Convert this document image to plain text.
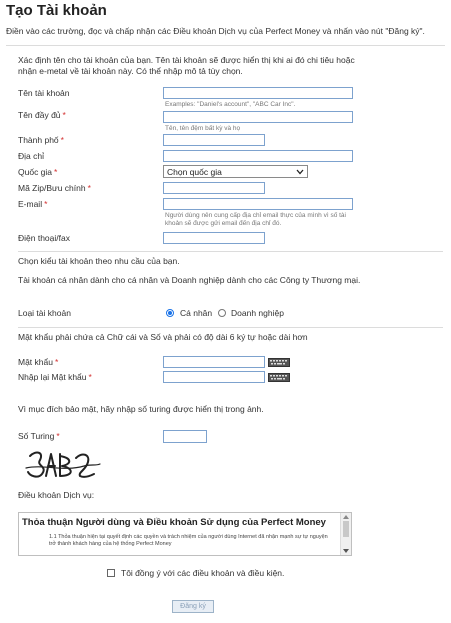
Tạo Tài khoản
Điền vào các trường, đọc và chấp nhận các Điều khoản Dịch vụ của Perfect Money và nhấn vào nút "Đăng ký".
Xác định tên cho tài khoản của bạn. Tên tài khoản sẽ được hiển thị khi ai đó chi tiêu hoặc nhận e-metal về tài khoản này. Có thể nhập mô tả tùy chọn.
Tên tài khoản
Examples: "Daniel's account", "ABC Car Inc".
Tên đầy đủ *
Tên, tên đệm bất kỳ và họ
Thành phố *
Địa chỉ
Quốc gia *	Chọn quốc gia
Mã Zip/Bưu chính *
E-mail *
Người dùng nên cung cấp địa chỉ email thực của mình vì số tài khoản sẽ được gửi email đến địa chỉ đó.
Điện thoại/fax
Chọn kiểu tài khoản theo nhu cầu của bạn.
Tài khoản cá nhân dành cho cá nhân và Doanh nghiệp dành cho các Công ty Thương mại.
Loại tài khoản	Cá nhân Doanh nghiệp
Mật khẩu phải chứa cả Chữ cái và Số và phải có độ dài 6 ký tự hoặc dài hơn
Mật khẩu *
Nhập lại Mật khẩu *
Vì mục đích bảo mật, hãy nhập số turing được hiển thị trong ảnh.
Số Turing *
Điều khoản Dịch vụ:
Thỏa thuận Người dùng và Điều khoản Sử dụng của Perfect Money
1.1 Thỏa thuận hiện tại quyết định các quyền và trách nhiệm của người dùng Internet đã nhận mạnh sự tự nguyện trở thành khách hàng của hệ thống Perfect Money
Tôi đồng ý với các điều khoản và điều kiện.
Đăng ký
